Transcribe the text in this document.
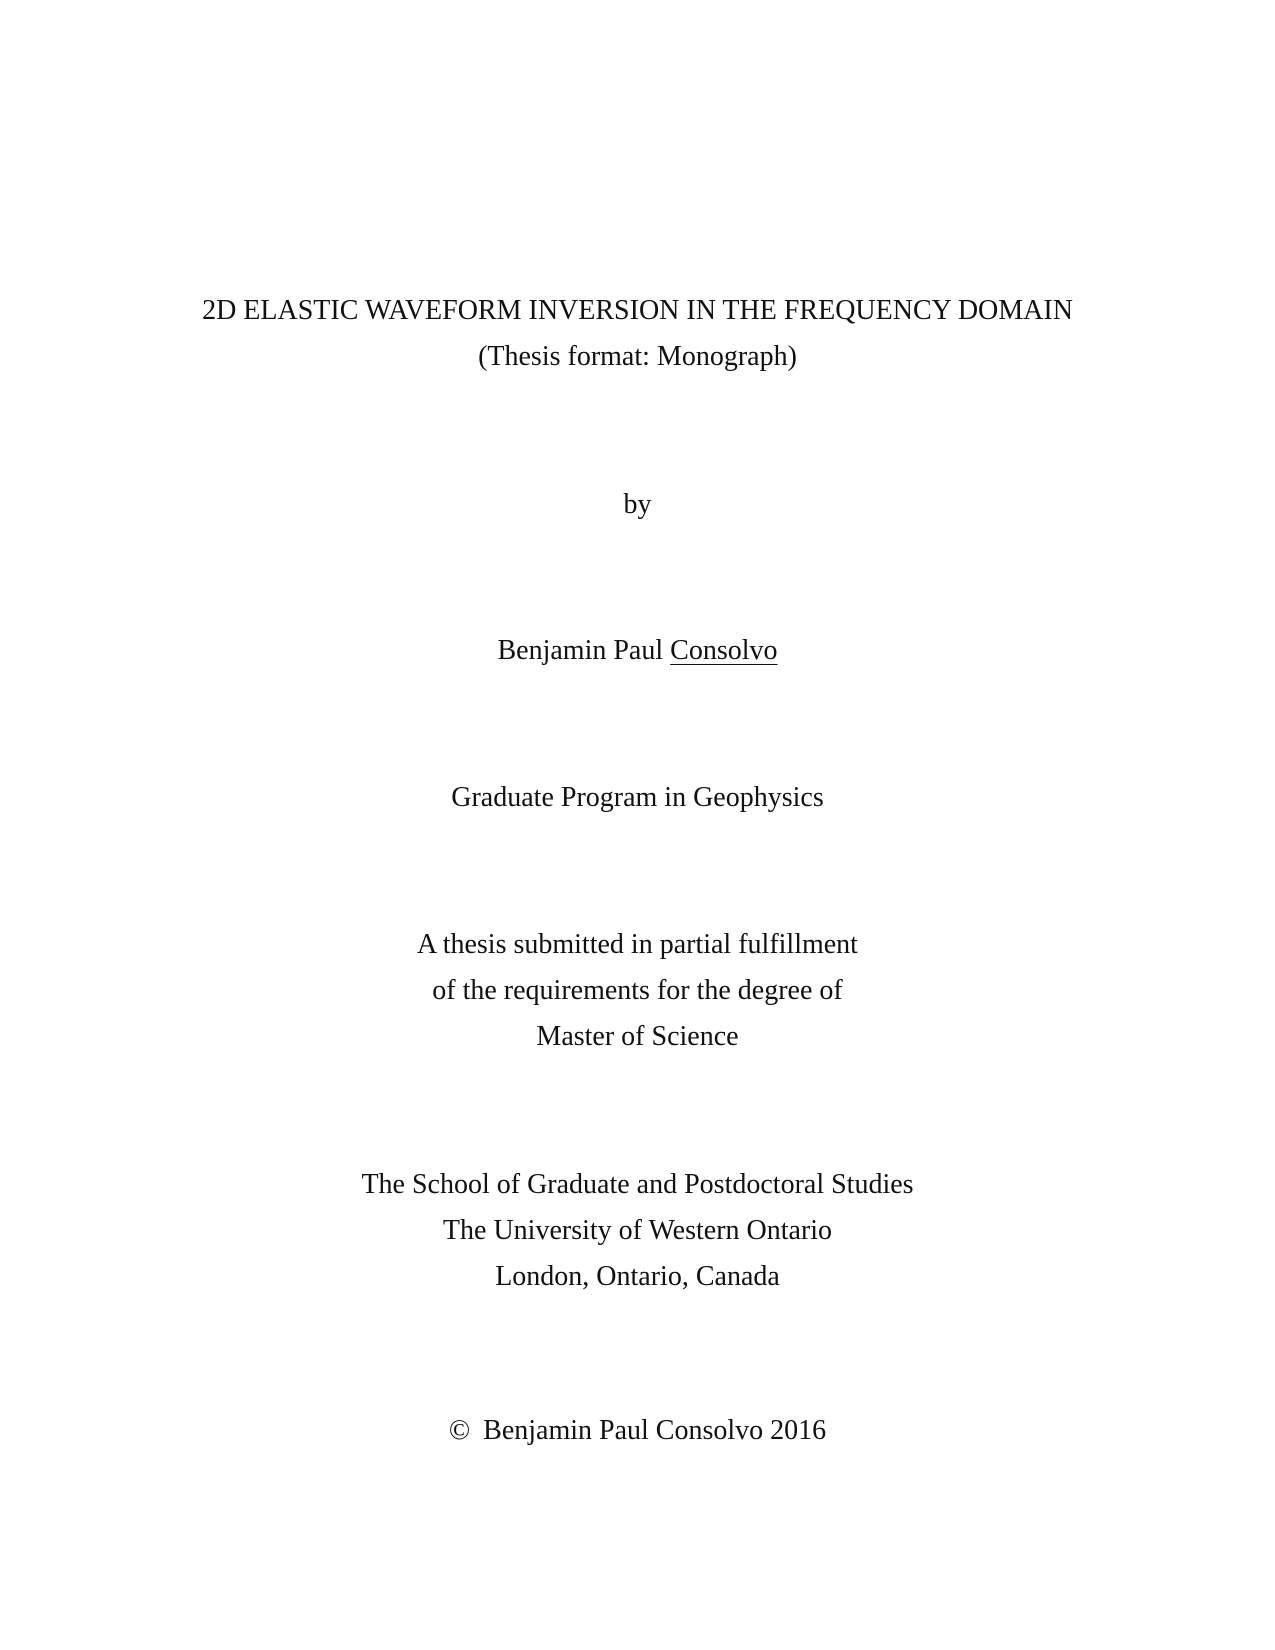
2D ELASTIC WAVEFORM INVERSION IN THE FREQUENCY DOMAIN
(Thesis format: Monograph)
by
Benjamin Paul Consolvo
Graduate Program in Geophysics
A thesis submitted in partial fulfillment
of the requirements for the degree of
Master of Science
The School of Graduate and Postdoctoral Studies
The University of Western Ontario
London, Ontario, Canada
© Benjamin Paul Consolvo 2016
